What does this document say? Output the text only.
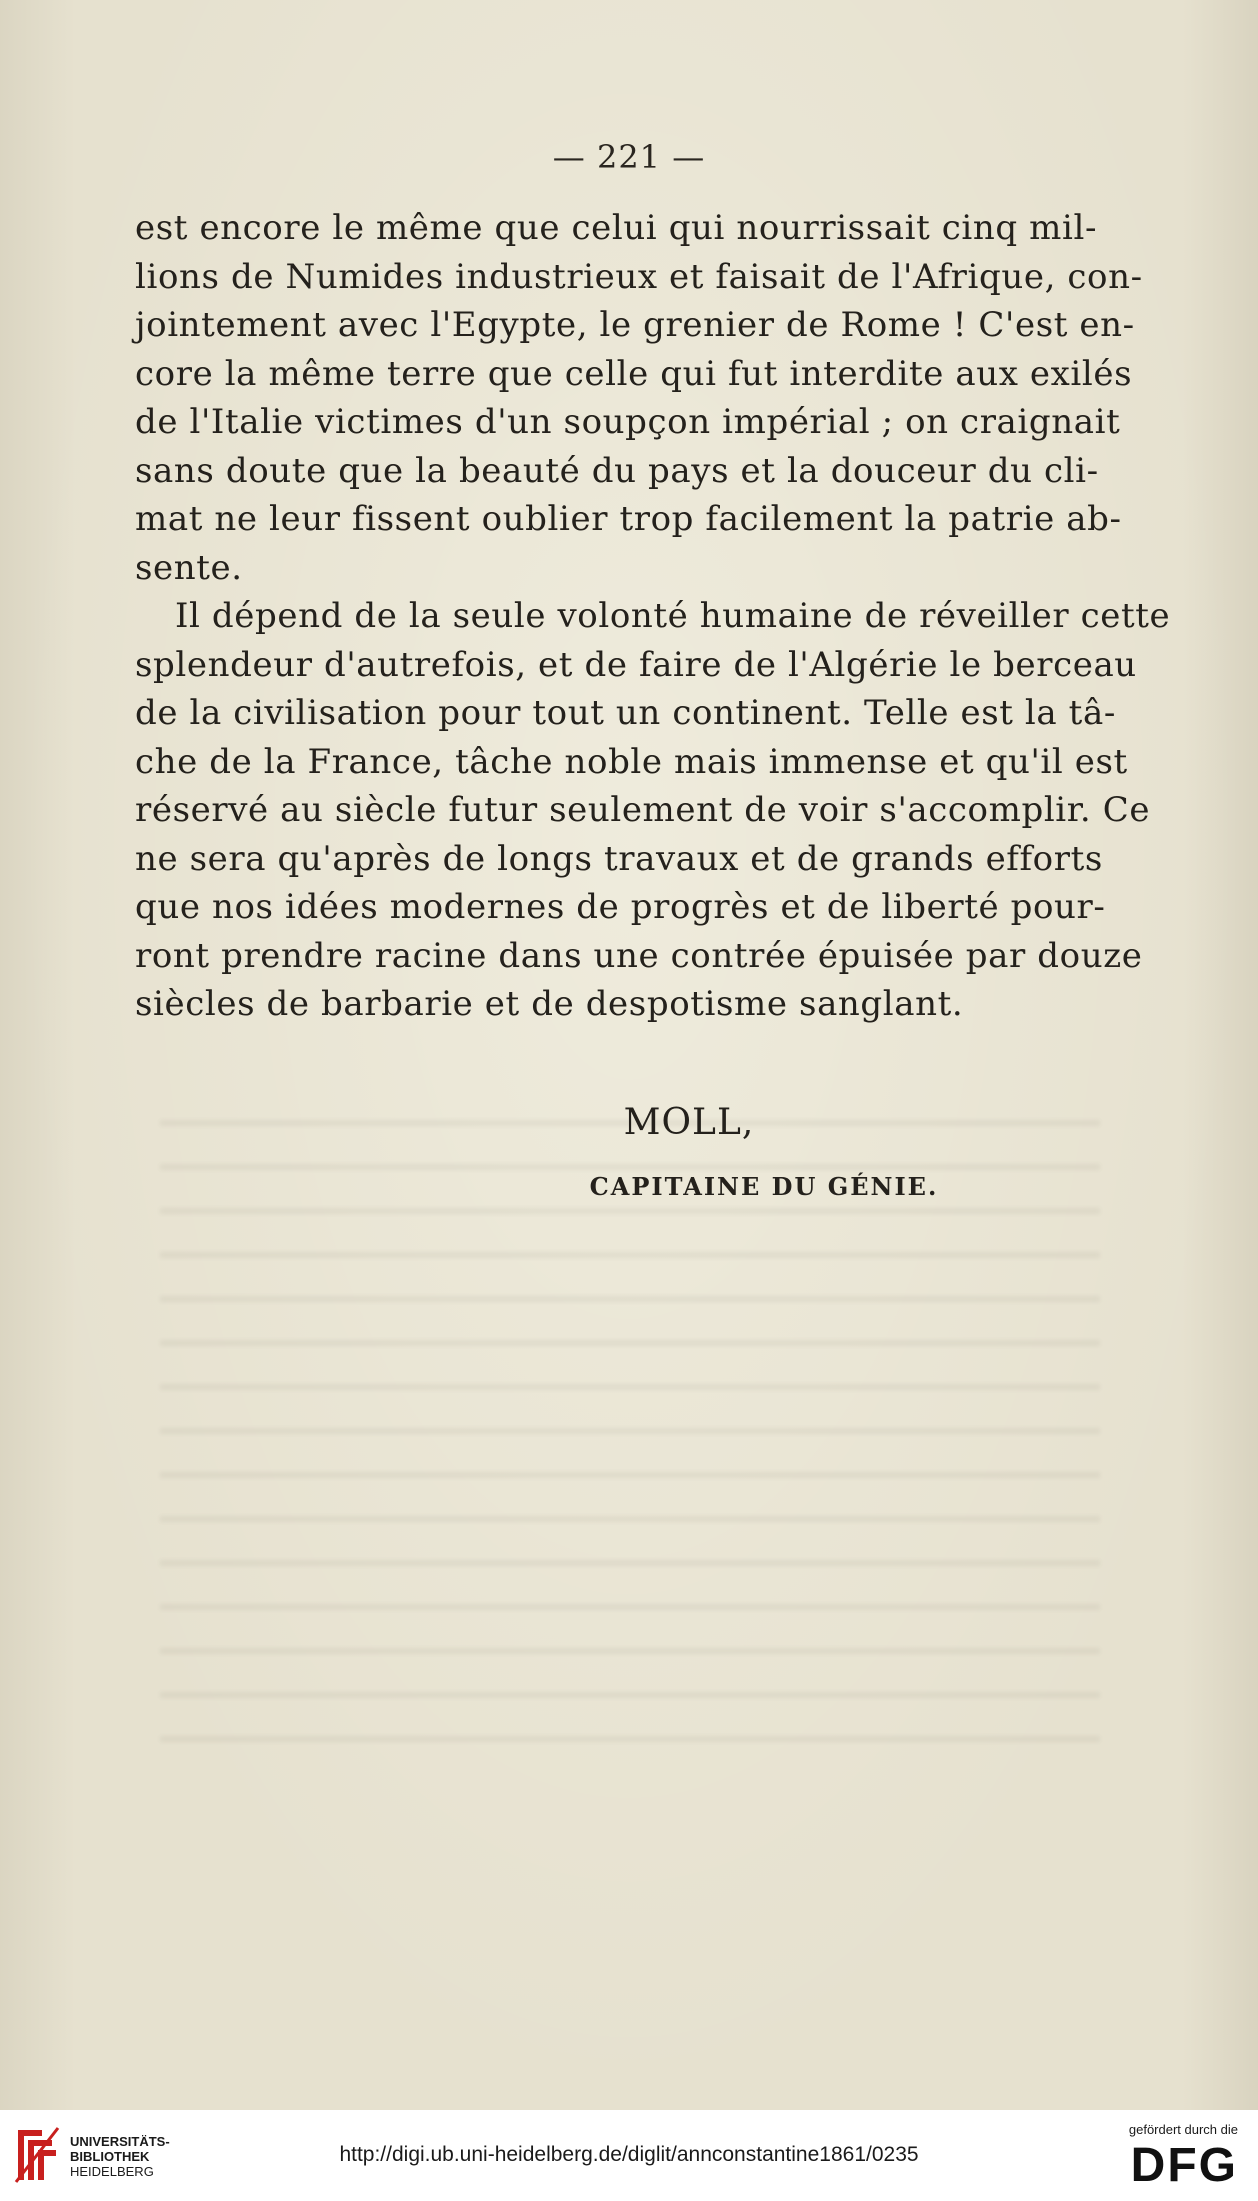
— 221 —
est encore le même que celui qui nourrissait cinq mil-
lions de Numides industrieux et faisait de l'Afrique, con-
jointement avec l'Egypte, le grenier de Rome ! C'est en-
core la même terre que celle qui fut interdite aux exilés
de l'Italie victimes d'un soupçon impérial ; on craignait
sans doute que la beauté du pays et la douceur du cli-
mat ne leur fissent oublier trop facilement la patrie ab-
sente.
Il dépend de la seule volonté humaine de réveiller cette
splendeur d'autrefois, et de faire de l'Algérie le berceau
de la civilisation pour tout un continent. Telle est la tâ-
che de la France, tâche noble mais immense et qu'il est
réservé au siècle futur seulement de voir s'accomplir. Ce
ne sera qu'après de longs travaux et de grands efforts
que nos idées modernes de progrès et de liberté pour-
ront prendre racine dans une contrée épuisée par douze
siècles de barbarie et de despotisme sanglant.
MOLL,
CAPITAINE DU GÉNIE.
UNIVERSITÄTS-
BIBLIOTHEK
HEIDELBERG
http://digi.ub.uni-heidelberg.de/diglit/annconstantine1861/0235
gefördert durch die
DFG
